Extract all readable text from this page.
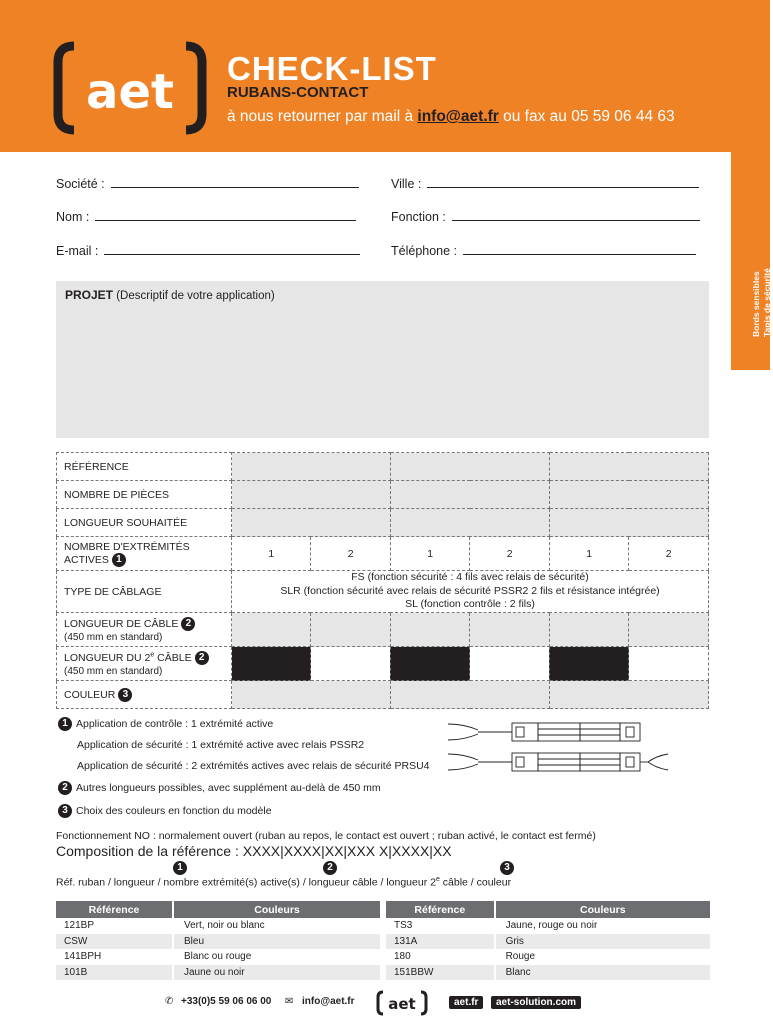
aet CHECK-LIST
RUBANS-CONTACT
à nous retourner par mail à info@aet.fr ou fax au 05 59 06 44 63
Bords sensibles Tapis de sécurité
Société :	Ville :
Nom :	Fonction :
E-mail :	Téléphone :
PROJET (Descriptif de votre application)
RÉFÉRENCE						
NOMBRE DE PIÈCES						
LONGUEUR SOUHAITÉE						
NOMBRE D'EXTRÉMITÉS
ACTIVES 1	1	2	1	2	1	2
TYPE DE CÂBLAGE	FS (fonction sécurité : 4 fils avec relais de sécurité)
SLR (fonction sécurité avec relais de sécurité PSSR2 2 fils et résistance intégrée)
SL (fonction contrôle : 2 fils)					

LONGUEUR DE CÂBLE 2
(450 mm en standard)						
LONGUEUR DU 2e CÂBLE 2
(450 mm en standard)						
COULEUR 3						
1 Application de contrôle : 1 extrémité active
Application de sécurité : 1 extrémité active avec relais PSSR2
Application de sécurité : 2 extrémités actives avec relais de sécurité PRSU4
2 Autres longueurs possibles, avec supplément au-delà de 450 mm
3 Choix des couleurs en fonction du modèle
Fonctionnement NO : normalement ouvert (ruban au repos, le contact est ouvert ; ruban activé, le contact est fermé)
Composition de la référence : XXXX|XXXX|XX|XXX X|XXXX|XX
1	2	3
Réf. ruban / longueur / nombre extrémité(s) active(s) / longueur câble / longueur 2e câble / couleur
Référence	Couleurs
121BP	Vert, noir ou blanc
CSW	Bleu
141BPH	Blanc ou rouge
101B	Jaune ou noir
Référence	Couleurs
TS3	Jaune, rouge ou noir
131A	Gris
180	Rouge
151BBW	Blanc
✆ +33(0)5 59 06 06 00 ✉ info@aet.fr aet	aet.fr	aet-solution.com
